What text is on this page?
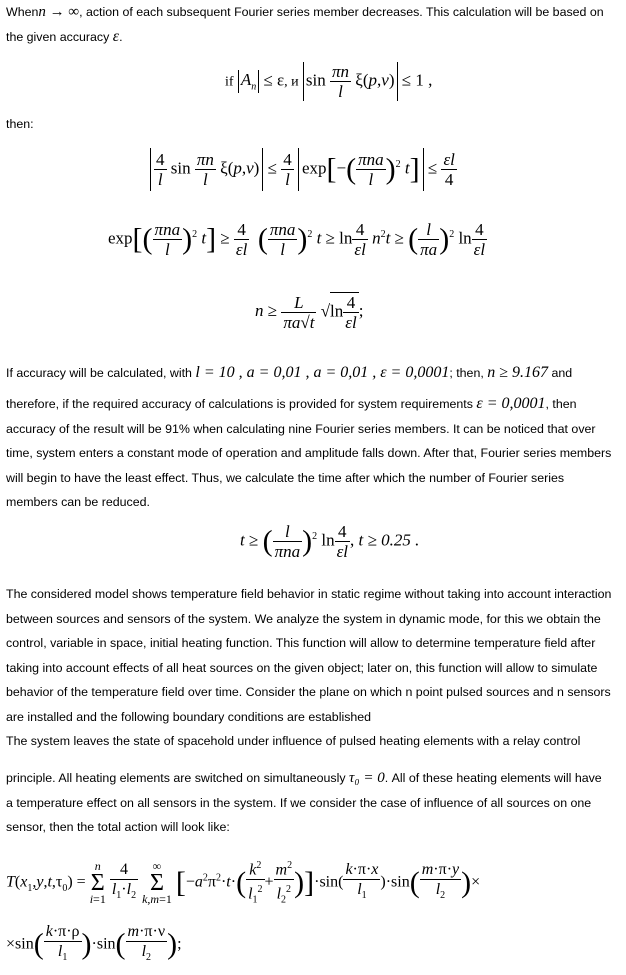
Whenn → ∞, action of each subsequent Fourier series member decreases. This calculation will be based on
the given accuracy ε.
if $A_n \le \varepsilon$, и $\sin \frac{\pi n}{l} \xi(p,v) \le 1$ ,
then:
$\frac{4}{l}$ $\sin \frac{\pi n}{l} \xi(p,v) \le \frac{4}{l} \exp[-( \frac{\text{πna}}{l} )^2$ $t] \le \frac{\varepsilon l}{4}$
$\exp[( \frac{\text{πna}}{l} )^2$ $t] \ge \frac{4}{\varepsilon l}$ ( $\frac{\text{πna}}{l} )^2$ $t \ge \ln \frac{4}{\varepsilon l} n^2t$ ≥ ( $\frac{l}{\pi a} )^2$ $\ln \frac{4}{\varepsilon l}$
$n \ge \frac{L}{\pi a√t} √\ln \frac{4}{\varepsilon l}$ ;
If accuracy will be calculated, with l = 10 , a = 0,01 , a = 0,01 , ε = 0,0001; then, n ≥ 9.167 and
therefore, if the required accuracy of calculations is provided for system requirements ε = 0,0001, then
accuracy of the result will be 91% when calculating nine Fourier series members. It can be noticed that over
time, system enters a constant mode of operation and amplitude falls down. After that, Fourier series members
will begin to have the least effect. Thus, we calculate the time after which the number of Fourier series
members can be reduced.
t ≥ ( $\frac{l}{\text{πna}} )^2$ $\ln \frac{4}{\varepsilon l}$ , t ≥ 0.25 .
The considered model shows temperature field behavior in static regime without taking into account interaction
between sources and sensors of the system. We analyze the system in dynamic mode, for this we obtain the
control, variable in space, initial heating function. This function will allow to determine temperature field after
taking into account effects of all heat sources on the given object; later on, this function will allow to simulate
behavior of the temperature field over time. Consider the plane on which n point pulsed sources and n sensors
are installed and the following boundary conditions are established
The system leaves the state of spacehold under influence of pulsed heating elements with a relay control
principle. All heating elements are switched on simultaneously τ₀ = 0. All of these heating elements will have
a temperature effect on all sensors in the system. If we consider the case of influence of all sources on one
sensor, then the total action will look like:
$T(x_1,y,t,\tau_0) = n$
Σ
$i=1 \frac{4}{l_1\cdot l_2}$ ∞
Σ
k,m=1 $[-a^2\pi^2\cdot t\cdot( \frac{k^2}{l_1^2} + \frac{m^2}{l_2^2} )]\cdot\sin( \frac{k\cdot\pi\cdot x}{l_1} )\cdot\sin( \frac{m\cdot\pi\cdot y}{l_2}$ )×
$\times\sin( \frac{k\cdot\pi\cdot\rho}{l_1} )\cdot\sin( \frac{m\cdot\pi\cdot\nu}{l_2}$ );
